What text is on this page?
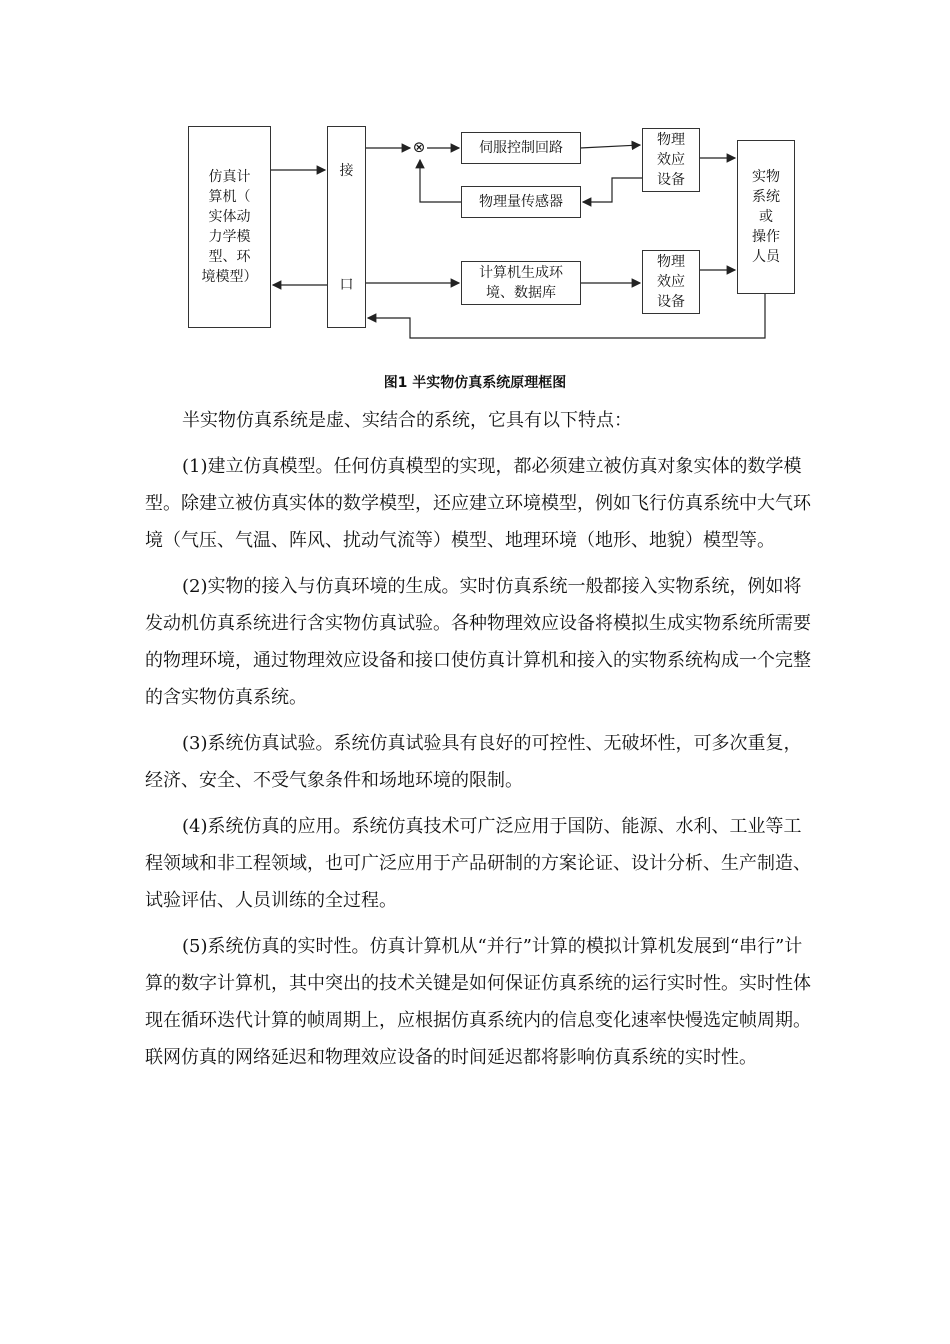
仿真计
算机（
实体动
力学模
型、环
境模型）
接
口
⊗	伺服控制回路
物理量传感器
物理
效应
设备
计算机生成环
境、数据库
物理
效应
设备
实物
系统
或
操作
人员
图1 半实物仿真系统原理框图

半实物仿真系统是虚、实结合的系统，它具有以下特点：

(1)建立仿真模型。任何仿真模型的实现，都必须建立被仿真对象实体的数学模型。除建立被仿真实体的数学模型，还应建立环境模型，例如飞行仿真系统中大气环境（气压、气温、阵风、扰动气流等）模型、地理环境（地形、地貌）模型等。

(2)实物的接入与仿真环境的生成。实时仿真系统一般都接入实物系统，例如将发动机仿真系统进行含实物仿真试验。各种物理效应设备将模拟生成实物系统所需要的物理环境，通过物理效应设备和接口使仿真计算机和接入的实物系统构成一个完整的含实物仿真系统。

(3)系统仿真试验。系统仿真试验具有良好的可控性、无破坏性，可多次重复，经济、安全、不受气象条件和场地环境的限制。

(4)系统仿真的应用。系统仿真技术可广泛应用于国防、能源、水利、工业等工程领域和非工程领域，也可广泛应用于产品研制的方案论证、设计分析、生产制造、试验评估、人员训练的全过程。

(5)系统仿真的实时性。仿真计算机从“并行”计算的模拟计算机发展到“串行”计算的数字计算机，其中突出的技术关键是如何保证仿真系统的运行实时性。实时性体现在循环迭代计算的帧周期上，应根据仿真系统内的信息变化速率快慢选定帧周期。联网仿真的网络延迟和物理效应设备的时间延迟都将影响仿真系统的实时性。
